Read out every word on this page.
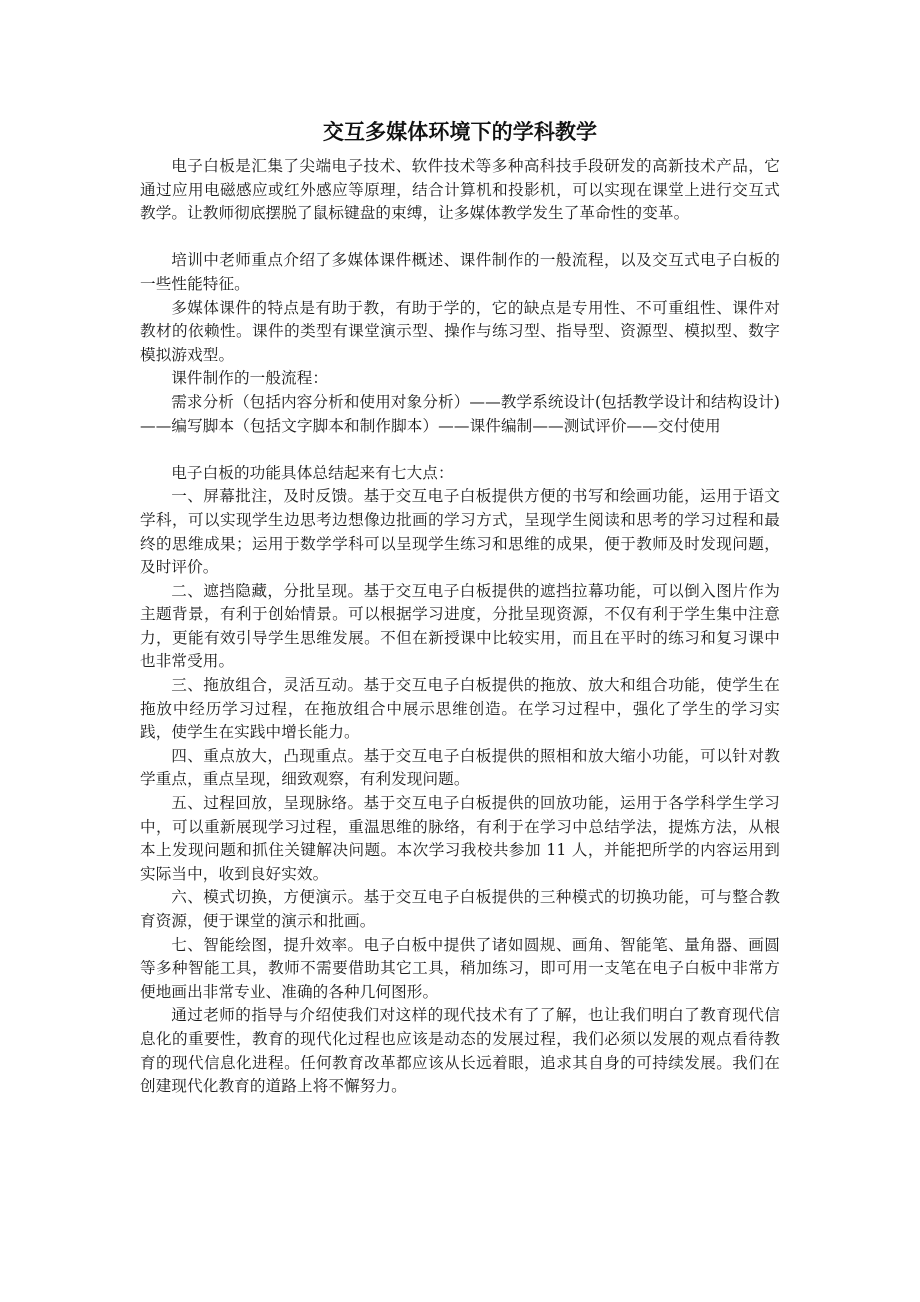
交互多媒体环境下的学科教学

电子白板是汇集了尖端电子技术、软件技术等多种高科技手段研发的高新技术产品，它通过应用电磁感应或红外感应等原理，结合计算机和投影机，可以实现在课堂上进行交互式教学。让教师彻底摆脱了鼠标键盘的束缚，让多媒体教学发生了革命性的变革。

培训中老师重点介绍了多媒体课件概述、课件制作的一般流程，以及交互式电子白板的一些性能特征。

多媒体课件的特点是有助于教，有助于学的，它的缺点是专用性、不可重组性、课件对教材的依赖性。课件的类型有课堂演示型、操作与练习型、指导型、资源型、模拟型、数字模拟游戏型。

课件制作的一般流程：

需求分析（包括内容分析和使用对象分析）——教学系统设计(包括教学设计和结构设计)——编写脚本（包括文字脚本和制作脚本）——课件编制——测试评价——交付使用

电子白板的功能具体总结起来有七大点：

一、屏幕批注，及时反馈。基于交互电子白板提供方便的书写和绘画功能，运用于语文学科，可以实现学生边思考边想像边批画的学习方式，呈现学生阅读和思考的学习过程和最终的思维成果；运用于数学学科可以呈现学生练习和思维的成果，便于教师及时发现问题，及时评价。

二、遮挡隐藏，分批呈现。基于交互电子白板提供的遮挡拉幕功能，可以倒入图片作为主题背景，有利于创始情景。可以根据学习进度，分批呈现资源，不仅有利于学生集中注意力，更能有效引导学生思维发展。不但在新授课中比较实用，而且在平时的练习和复习课中也非常受用。

三、拖放组合，灵活互动。基于交互电子白板提供的拖放、放大和组合功能，使学生在拖放中经历学习过程，在拖放组合中展示思维创造。在学习过程中，强化了学生的学习实践，使学生在实践中增长能力。

四、重点放大，凸现重点。基于交互电子白板提供的照相和放大缩小功能，可以针对教学重点，重点呈现，细致观察，有利发现问题。

五、过程回放，呈现脉络。基于交互电子白板提供的回放功能，运用于各学科学生学习中，可以重新展现学习过程，重温思维的脉络，有利于在学习中总结学法，提炼方法，从根本上发现问题和抓住关键解决问题。本次学习我校共参加 11 人，并能把所学的内容运用到实际当中，收到良好实效。

六、模式切换，方便演示。基于交互电子白板提供的三种模式的切换功能，可与整合教育资源，便于课堂的演示和批画。

七、智能绘图，提升效率。电子白板中提供了诸如圆规、画角、智能笔、量角器、画圆等多种智能工具，教师不需要借助其它工具，稍加练习，即可用一支笔在电子白板中非常方便地画出非常专业、准确的各种几何图形。

通过老师的指导与介绍使我们对这样的现代技术有了了解，也让我们明白了教育现代信息化的重要性，教育的现代化过程也应该是动态的发展过程，我们必须以发展的观点看待教育的现代信息化进程。任何教育改革都应该从长远着眼，追求其自身的可持续发展。我们在创建现代化教育的道路上将不懈努力。
